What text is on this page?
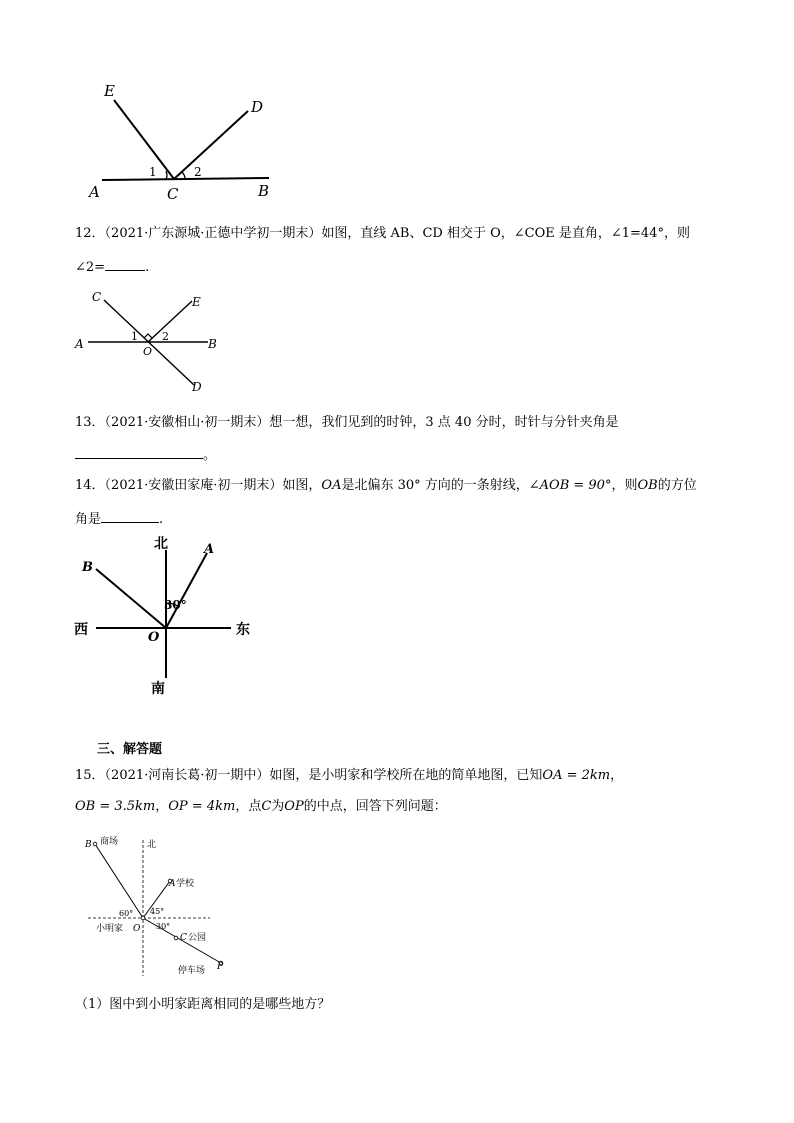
E
D
A	C	B
1	2
12．（2021·广东源城·正德中学初一期末）如图，直线 AB、CD 相交于 O，∠COE 是直角，∠1=44°，则
∠2=	.
C	E
A	B
O
D
1 2
13．（2021·安徽相山·初一期末）想一想，我们见到的时钟，3 点 40 分时，时针与分针夹角是
。
14．（2021·安徽田家庵·初一期末）如图，OA是北偏东 30° 方向的一条射线，∠AOB = 90°，则OB的方位
角是	.
北
南
西	东
A
B
O
30°
三、解答题
15．（2021·河南长葛·初一期中）如图，是小明家和学校所在地的简单地图，已知OA = 2km，
OB = 3.5km，OP = 4km，点C为OP的中点，回答下列问题：
B 商场	北
A 学校
60° 45°
30°
小明家 O
C 公园
停车场 P
（1）图中到小明家距离相同的是哪些地方？
